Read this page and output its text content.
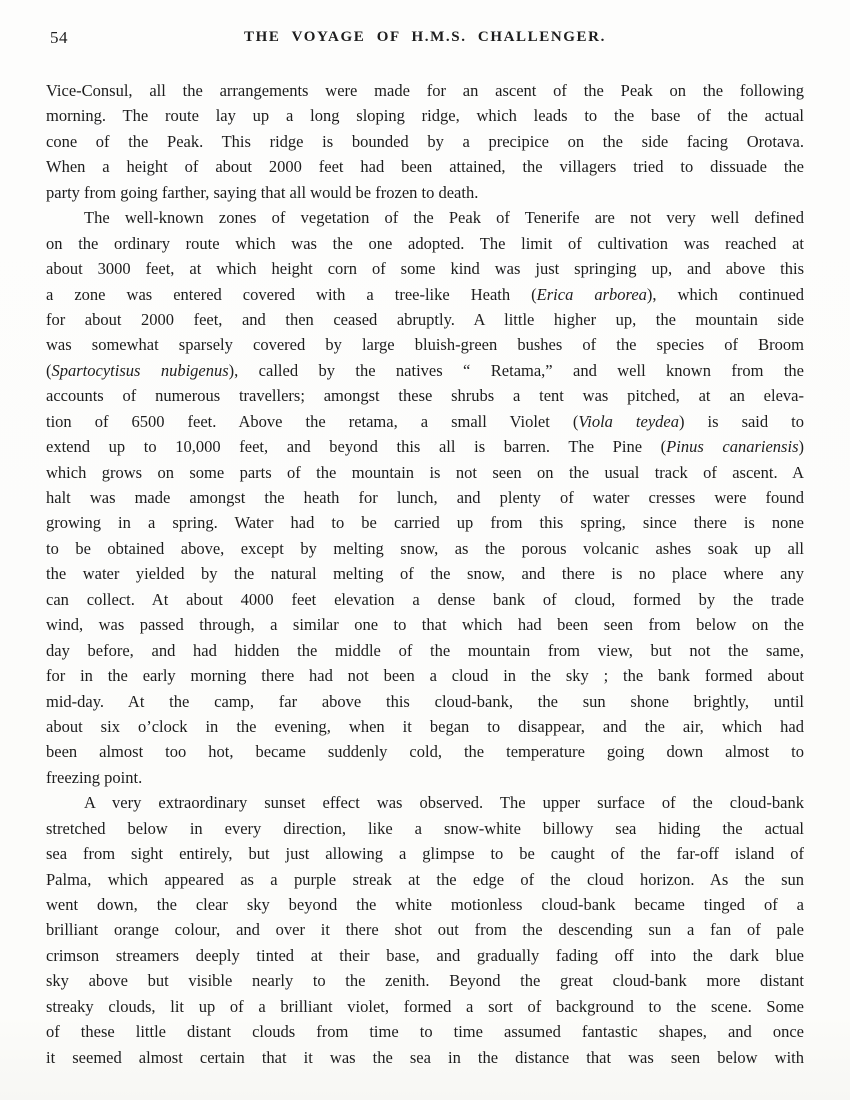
54	THE VOYAGE OF H.M.S. CHALLENGER.
Vice-Consul, all the arrangements were made for an ascent of the Peak on the following
morning. The route lay up a long sloping ridge, which leads to the base of the actual
cone of the Peak. This ridge is bounded by a precipice on the side facing Orotava.
When a height of about 2000 feet had been attained, the villagers tried to dissuade the
party from going farther, saying that all would be frozen to death.
The well-known zones of vegetation of the Peak of Tenerife are not very well defined
on the ordinary route which was the one adopted. The limit of cultivation was reached at
about 3000 feet, at which height corn of some kind was just springing up, and above this
a zone was entered covered with a tree-like Heath (Erica arborea), which continued
for about 2000 feet, and then ceased abruptly. A little higher up, the mountain side
was somewhat sparsely covered by large bluish-green bushes of the species of Broom
(Spartocytisus nubigenus), called by the natives “ Retama,” and well known from the
accounts of numerous travellers; amongst these shrubs a tent was pitched, at an eleva-
tion of 6500 feet. Above the retama, a small Violet (Viola teydea) is said to
extend up to 10,000 feet, and beyond this all is barren. The Pine (Pinus canariensis)
which grows on some parts of the mountain is not seen on the usual track of ascent. A
halt was made amongst the heath for lunch, and plenty of water cresses were found
growing in a spring. Water had to be carried up from this spring, since there is none
to be obtained above, except by melting snow, as the porous volcanic ashes soak up all
the water yielded by the natural melting of the snow, and there is no place where any
can collect. At about 4000 feet elevation a dense bank of cloud, formed by the trade
wind, was passed through, a similar one to that which had been seen from below on the
day before, and had hidden the middle of the mountain from view, but not the same,
for in the early morning there had not been a cloud in the sky ; the bank formed about
mid-day. At the camp, far above this cloud-bank, the sun shone brightly, until
about six o’clock in the evening, when it began to disappear, and the air, which had
been almost too hot, became suddenly cold, the temperature going down almost to
freezing point.
A very extraordinary sunset effect was observed. The upper surface of the cloud-bank
stretched below in every direction, like a snow-white billowy sea hiding the actual
sea from sight entirely, but just allowing a glimpse to be caught of the far-off island of
Palma, which appeared as a purple streak at the edge of the cloud horizon. As the sun
went down, the clear sky beyond the white motionless cloud-bank became tinged of a
brilliant orange colour, and over it there shot out from the descending sun a fan of pale
crimson streamers deeply tinted at their base, and gradually fading off into the dark blue
sky above but visible nearly to the zenith. Beyond the great cloud-bank more distant
streaky clouds, lit up of a brilliant violet, formed a sort of background to the scene. Some
of these little distant clouds from time to time assumed fantastic shapes, and once
it seemed almost certain that it was the sea in the distance that was seen below with
